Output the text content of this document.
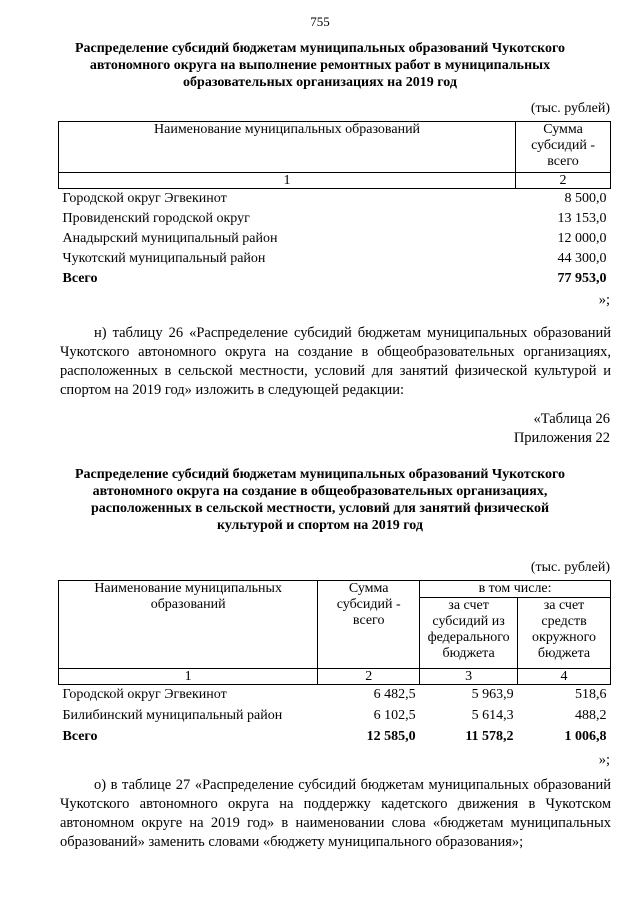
755
Распределение субсидий бюджетам муниципальных образований Чукотского автономного округа на выполнение ремонтных работ в муниципальных образовательных организациях на 2019 год
(тыс. рублей)
Наименование муниципальных образований	Сумма субсидий - всего
1	2
Городской округ Эгвекинот	8 500,0
Провиденский городской округ	13 153,0
Анадырский муниципальный район	12 000,0
Чукотский муниципальный район	44 300,0
Всего	77 953,0
»;
н) таблицу 26 «Распределение субсидий бюджетам муниципальных образований Чукотского автономного округа на создание в общеобразовательных организациях, расположенных в сельской местности, условий для занятий физической культурой и спортом на 2019 год» изложить в следующей редакции:
«Таблица 26
Приложения 22
Распределение субсидий бюджетам муниципальных образований Чукотского автономного округа на создание в общеобразовательных организациях, расположенных в сельской местности, условий для занятий физической культурой и спортом на 2019 год
(тыс. рублей)
Наименование муниципальных образований	Сумма субсидий - всего	в том числе:	
		за счет субсидий из федерального бюджета	за счет средств окружного бюджета
1	2	3	4
Городской округ Эгвекинот	6 482,5	5 963,9	518,6
Билибинский муниципальный район	6 102,5	5 614,3	488,2
Всего	12 585,0	11 578,2	1 006,8
»;
о) в таблице 27 «Распределение субсидий бюджетам муниципальных образований Чукотского автономного округа на поддержку кадетского движения в Чукотском автономном округе на 2019 год» в наименовании слова «бюджетам муниципальных образований» заменить словами «бюджету муниципального образования»;
